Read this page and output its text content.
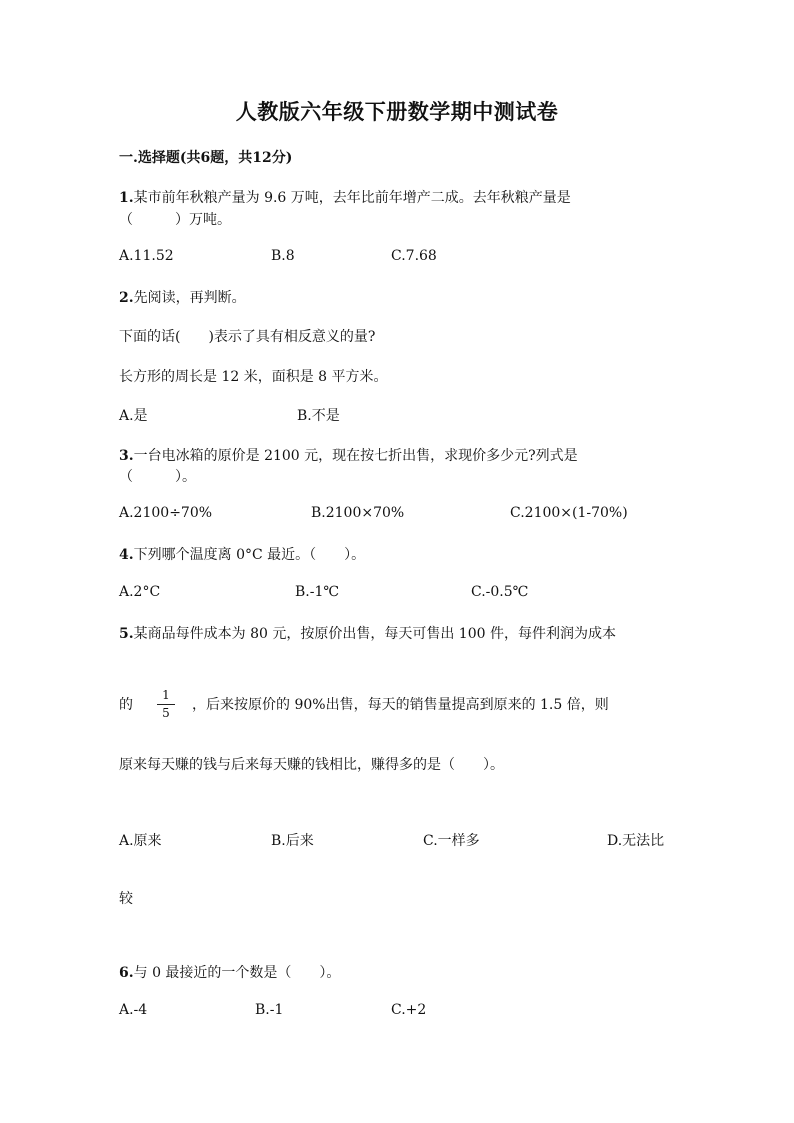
人教版六年级下册数学期中测试卷
一.选择题(共6题，共12分)
1.某市前年秋粮产量为 9.6 万吨，去年比前年增产二成。去年秋粮产量是
（　　　）万吨。
A.11.52	B.8	C.7.68
2.先阅读，再判断。
下面的话(　　)表示了具有相反意义的量?
长方形的周长是 12 米，面积是 8 平方米。
A.是	B.不是
3.一台电冰箱的原价是 2100 元，现在按七折出售，求现价多少元?列式是
（　　　）。
A.2100÷70%	B.2100×70%	C.2100×(1-70%)
4.下列哪个温度离 0°C 最近。（　　）。
A.2°C	B.-1℃	C.-0.5℃
5.某商品每件成本为 80 元，按原价出售，每天可售出 100 件，每件利润为成本
的
1
5	，后来按原价的 90%出售，每天的销售量提高到原来的 1.5 倍，则
原来每天赚的钱与后来每天赚的钱相比，赚得多的是（　　）。
A.原来	B.后来	C.一样多	D.无法比
较
6.与 0 最接近的一个数是（　　）。
A.-4	B.-1	C.+2
